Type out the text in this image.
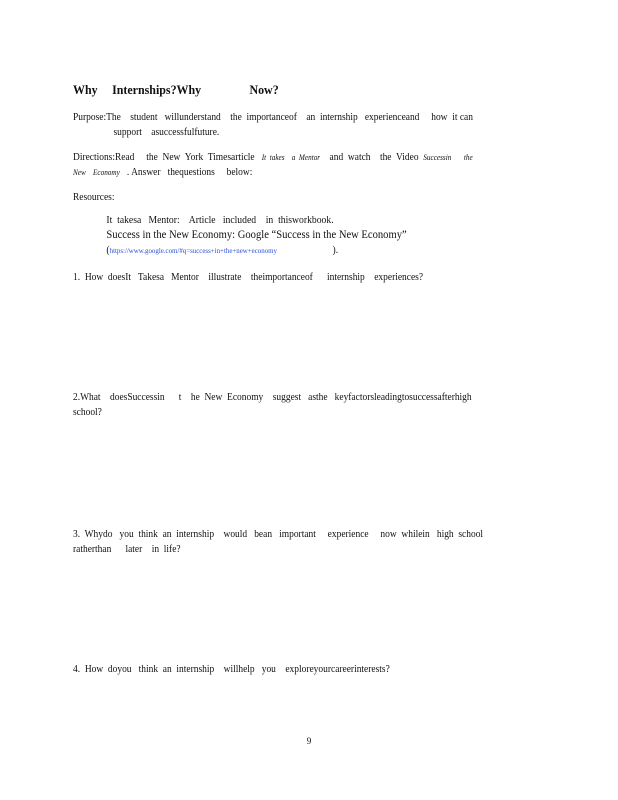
Why   Internships?Why          Now?
Purpose:The    student   willunderstand    the  importanceof    an  internship   experienceand     how  it can
support    asuccessfulfuture.
Directions:Read     the  New  York  Timesarticle   It  takes    a  Mentor    and  watch    the  Video  Successin       the
New    Economy   . Answer   thequestions     below:
Resources:
It  takesa   Mentor:    Article   included    in  thisworkbook.
Success in the New Economy: Google “Success in the New Economy”
(https://www.google.com/#q=success+in+the+new+economy                       ).
1.  How  doesIt   Takesa   Mentor    illustrate    theimportanceof      internship    experiences?
2.What    doesSuccessin      t    he  New  Economy    suggest   asthe   keyfactorsleadingtosuccessafterhigh
school?
3.  Whydo   you  think  an  internship    would   bean   important     experience     now  whilein   high  school
ratherthan      later    in  life?
4.  How  doyou   think  an  internship    willhelp   you    exploreyourcareerinterests?
9
